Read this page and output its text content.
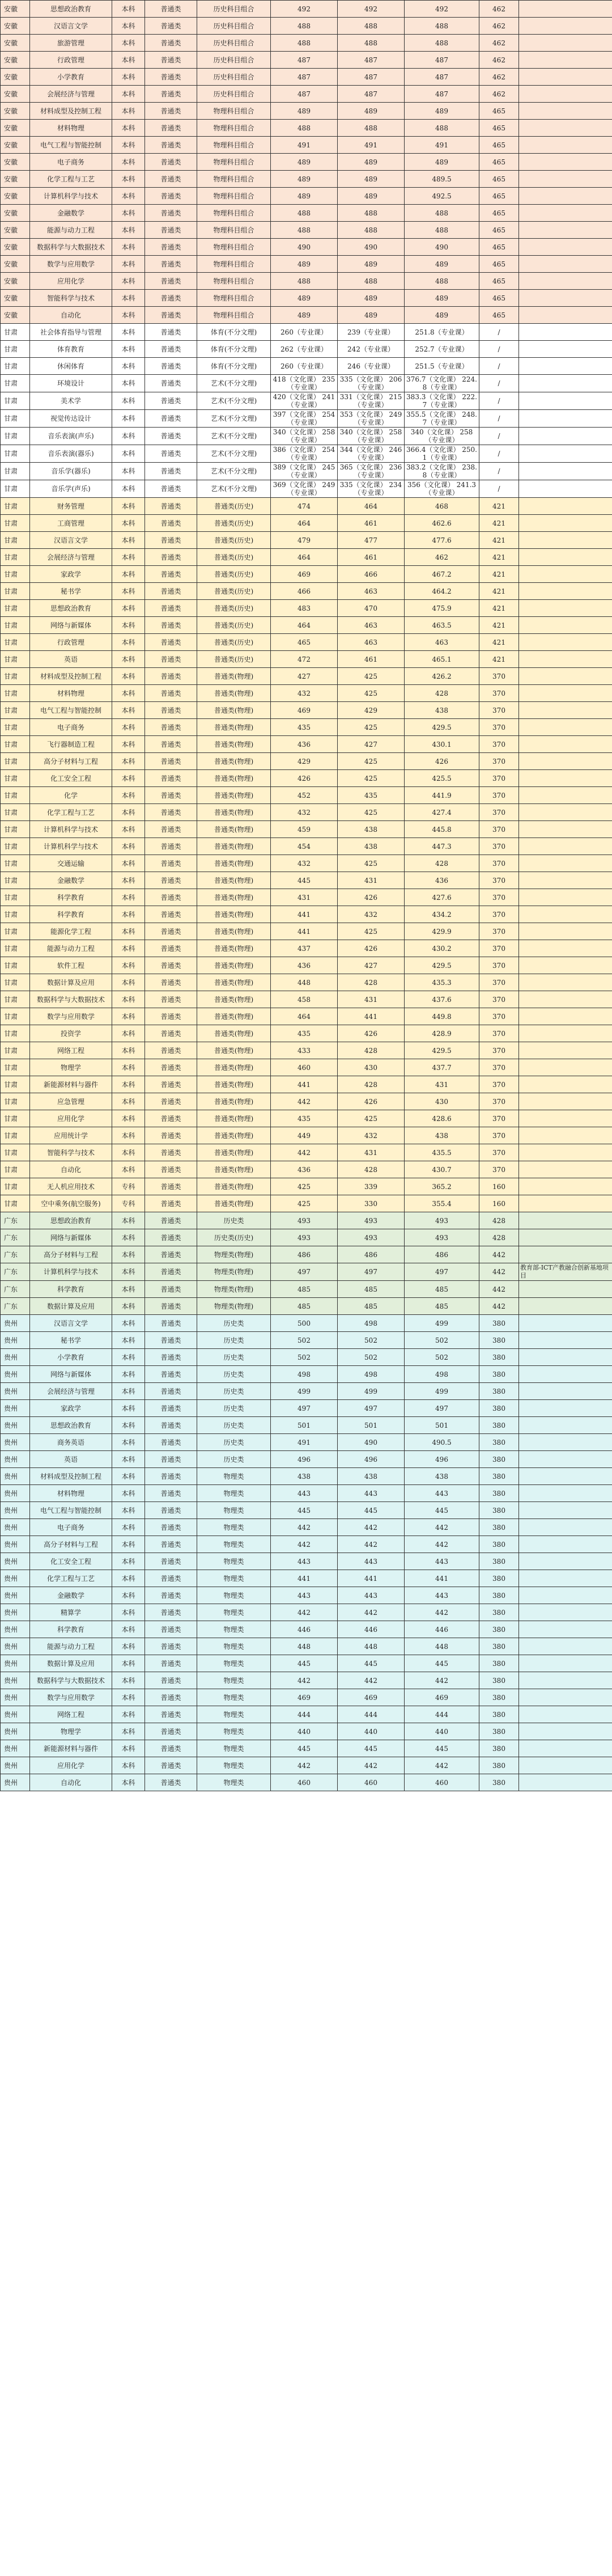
安徽	思想政治教育	本科	普通类	历史科目组合	492	492	492	462	
安徽	汉语言文学	本科	普通类	历史科目组合	488	488	488	462	
安徽	旅游管理	本科	普通类	历史科目组合	488	488	488	462	
安徽	行政管理	本科	普通类	历史科目组合	487	487	487	462	
安徽	小学教育	本科	普通类	历史科目组合	487	487	487	462	
安徽	会展经济与管理	本科	普通类	历史科目组合	487	487	487	462	
安徽	材料成型及控制工程	本科	普通类	物理科目组合	489	489	489	465	
安徽	材料物理	本科	普通类	物理科目组合	488	488	488	465	
安徽	电气工程与智能控制	本科	普通类	物理科目组合	491	491	491	465	
安徽	电子商务	本科	普通类	物理科目组合	489	489	489	465	
安徽	化学工程与工艺	本科	普通类	物理科目组合	489	489	489.5	465	
安徽	计算机科学与技术	本科	普通类	物理科目组合	489	489	492.5	465	
安徽	金融数学	本科	普通类	物理科目组合	488	488	488	465	
安徽	能源与动力工程	本科	普通类	物理科目组合	488	488	488	465	
安徽	数据科学与大数据技术	本科	普通类	物理科目组合	490	490	490	465	
安徽	数学与应用数学	本科	普通类	物理科目组合	489	489	489	465	
安徽	应用化学	本科	普通类	物理科目组合	488	488	488	465	
安徽	智能科学与技术	本科	普通类	物理科目组合	489	489	489	465	
安徽	自动化	本科	普通类	物理科目组合	489	489	489	465	
甘肃	社会体育指导与管理	本科	普通类	体育(不分文理)	260（专业课）	239（专业课）	251.8（专业课）	/	
甘肃	体育教育	本科	普通类	体育(不分文理)	262（专业课）	242（专业课）	252.7（专业课）	/	
甘肃	休闲体育	本科	普通类	体育(不分文理)	260（专业课）	246（专业课）	251.5（专业课）	/	
甘肃	环境设计	本科	普通类	艺术(不分文理)	418（文化课） 235（专业课）	335（文化课） 206（专业课）	376.7（文化课） 224.8（专业课）	/	
甘肃	美术学	本科	普通类	艺术(不分文理)	420（文化课） 241（专业课）	331（文化课） 215（专业课）	383.3（文化课） 222.7（专业课）	/	
甘肃	视觉传达设计	本科	普通类	艺术(不分文理)	397（文化课） 254（专业课）	353（文化课） 249（专业课）	355.5（文化课） 248.7（专业课）	/	
甘肃	音乐表演(声乐)	本科	普通类	艺术(不分文理)	340（文化课） 258（专业课）	340（文化课） 258（专业课）	340（文化课） 258（专业课）	/	
甘肃	音乐表演(器乐)	本科	普通类	艺术(不分文理)	386（文化课） 254（专业课）	344（文化课） 246（专业课）	366.4（文化课） 250.1（专业课）	/	
甘肃	音乐学(器乐)	本科	普通类	艺术(不分文理)	389（文化课） 245（专业课）	365（文化课） 236（专业课）	383.2（文化课） 238.8（专业课）	/	
甘肃	音乐学(声乐)	本科	普通类	艺术(不分文理)	369（文化课） 249（专业课）	335（文化课） 234（专业课）	356（文化课） 241.3（专业课）	/	
甘肃	财务管理	本科	普通类	普通类(历史)	474	464	468	421	
甘肃	工商管理	本科	普通类	普通类(历史)	464	461	462.6	421	
甘肃	汉语言文学	本科	普通类	普通类(历史)	479	477	477.6	421	
甘肃	会展经济与管理	本科	普通类	普通类(历史)	464	461	462	421	
甘肃	家政学	本科	普通类	普通类(历史)	469	466	467.2	421	
甘肃	秘书学	本科	普通类	普通类(历史)	466	463	464.2	421	
甘肃	思想政治教育	本科	普通类	普通类(历史)	483	470	475.9	421	
甘肃	网络与新媒体	本科	普通类	普通类(历史)	464	463	463.5	421	
甘肃	行政管理	本科	普通类	普通类(历史)	465	463	463	421	
甘肃	英语	本科	普通类	普通类(历史)	472	461	465.1	421	
甘肃	材料成型及控制工程	本科	普通类	普通类(物理)	427	425	426.2	370	
甘肃	材料物理	本科	普通类	普通类(物理)	432	425	428	370	
甘肃	电气工程与智能控制	本科	普通类	普通类(物理)	469	429	438	370	
甘肃	电子商务	本科	普通类	普通类(物理)	435	425	429.5	370	
甘肃	飞行器制造工程	本科	普通类	普通类(物理)	436	427	430.1	370	
甘肃	高分子材料与工程	本科	普通类	普通类(物理)	429	425	426	370	
甘肃	化工安全工程	本科	普通类	普通类(物理)	426	425	425.5	370	
甘肃	化学	本科	普通类	普通类(物理)	452	435	441.9	370	
甘肃	化学工程与工艺	本科	普通类	普通类(物理)	432	425	427.4	370	
甘肃	计算机科学与技术	本科	普通类	普通类(物理)	459	438	445.8	370	
甘肃	计算机科学与技术	本科	普通类	普通类(物理)	454	438	447.3	370	
甘肃	交通运输	本科	普通类	普通类(物理)	432	425	428	370	
甘肃	金融数学	本科	普通类	普通类(物理)	445	431	436	370	
甘肃	科学教育	本科	普通类	普通类(物理)	431	426	427.6	370	
甘肃	科学教育	本科	普通类	普通类(物理)	441	432	434.2	370	
甘肃	能源化学工程	本科	普通类	普通类(物理)	441	425	429.9	370	
甘肃	能源与动力工程	本科	普通类	普通类(物理)	437	426	430.2	370	
甘肃	软件工程	本科	普通类	普通类(物理)	436	427	429.5	370	
甘肃	数据计算及应用	本科	普通类	普通类(物理)	448	428	435.3	370	
甘肃	数据科学与大数据技术	本科	普通类	普通类(物理)	458	431	437.6	370	
甘肃	数学与应用数学	本科	普通类	普通类(物理)	464	441	449.8	370	
甘肃	投资学	本科	普通类	普通类(物理)	435	426	428.9	370	
甘肃	网络工程	本科	普通类	普通类(物理)	433	428	429.5	370	
甘肃	物理学	本科	普通类	普通类(物理)	460	430	437.7	370	
甘肃	新能源材料与器件	本科	普通类	普通类(物理)	441	428	431	370	
甘肃	应急管理	本科	普通类	普通类(物理)	442	426	430	370	
甘肃	应用化学	本科	普通类	普通类(物理)	435	425	428.6	370	
甘肃	应用统计学	本科	普通类	普通类(物理)	449	432	438	370	
甘肃	智能科学与技术	本科	普通类	普通类(物理)	442	431	435.5	370	
甘肃	自动化	本科	普通类	普通类(物理)	436	428	430.7	370	
甘肃	无人机应用技术	专科	普通类	普通类(物理)	425	339	365.2	160	
甘肃	空中乘务(航空服务)	专科	普通类	普通类(物理)	425	330	355.4	160	
广东	思想政治教育	本科	普通类	历史类	493	493	493	428	
广东	网络与新媒体	本科	普通类	历史类(历史)	493	493	493	428	
广东	高分子材料与工程	本科	普通类	物理类(物理)	486	486	486	442	
广东	计算机科学与技术	本科	普通类	物理类(物理)	497	497	497	442	教育部-ICT产教融合创新基地项目
广东	科学教育	本科	普通类	物理类(物理)	485	485	485	442	
广东	数据计算及应用	本科	普通类	物理类(物理)	485	485	485	442	
贵州	汉语言文学	本科	普通类	历史类	500	498	499	380	
贵州	秘书学	本科	普通类	历史类	502	502	502	380	
贵州	小学教育	本科	普通类	历史类	502	502	502	380	
贵州	网络与新媒体	本科	普通类	历史类	498	498	498	380	
贵州	会展经济与管理	本科	普通类	历史类	499	499	499	380	
贵州	家政学	本科	普通类	历史类	497	497	497	380	
贵州	思想政治教育	本科	普通类	历史类	501	501	501	380	
贵州	商务英语	本科	普通类	历史类	491	490	490.5	380	
贵州	英语	本科	普通类	历史类	496	496	496	380	
贵州	材料成型及控制工程	本科	普通类	物理类	438	438	438	380	
贵州	材料物理	本科	普通类	物理类	443	443	443	380	
贵州	电气工程与智能控制	本科	普通类	物理类	445	445	445	380	
贵州	电子商务	本科	普通类	物理类	442	442	442	380	
贵州	高分子材料与工程	本科	普通类	物理类	442	442	442	380	
贵州	化工安全工程	本科	普通类	物理类	443	443	443	380	
贵州	化学工程与工艺	本科	普通类	物理类	441	441	441	380	
贵州	金融数学	本科	普通类	物理类	443	443	443	380	
贵州	精算学	本科	普通类	物理类	442	442	442	380	
贵州	科学教育	本科	普通类	物理类	446	446	446	380	
贵州	能源与动力工程	本科	普通类	物理类	448	448	448	380	
贵州	数据计算及应用	本科	普通类	物理类	445	445	445	380	
贵州	数据科学与大数据技术	本科	普通类	物理类	442	442	442	380	
贵州	数学与应用数学	本科	普通类	物理类	469	469	469	380	
贵州	网络工程	本科	普通类	物理类	444	444	444	380	
贵州	物理学	本科	普通类	物理类	440	440	440	380	
贵州	新能源材料与器件	本科	普通类	物理类	445	445	445	380	
贵州	应用化学	本科	普通类	物理类	442	442	442	380	
贵州	自动化	本科	普通类	物理类	460	460	460	380	
